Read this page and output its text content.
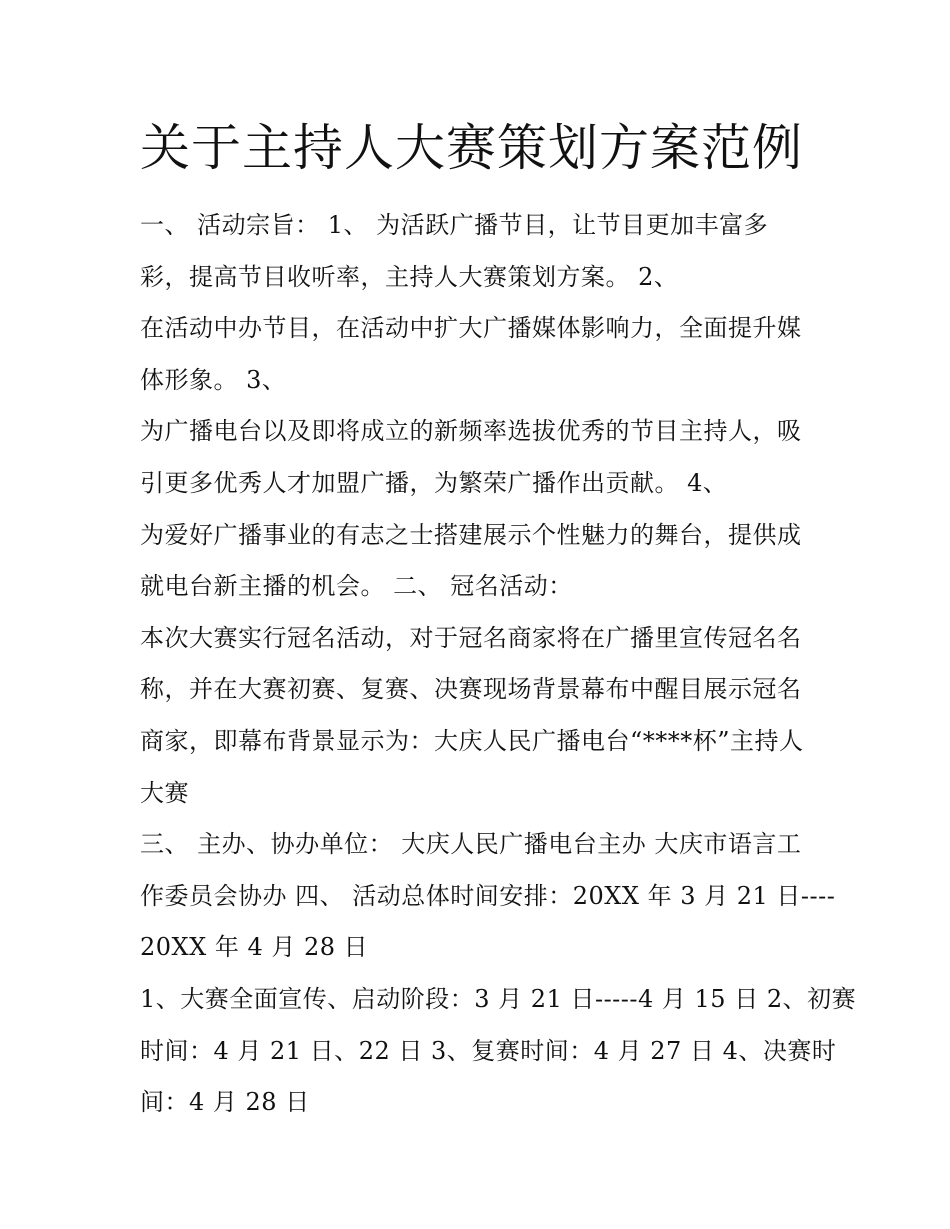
关于主持人大赛策划方案范例
一、 活动宗旨： 1、 为活跃广播节目，让节目更加丰富多
彩，提高节目收听率，主持人大赛策划方案。 2、
在活动中办节目，在活动中扩大广播媒体影响力，全面提升媒
体形象。 3、
为广播电台以及即将成立的新频率选拔优秀的节目主持人，吸
引更多优秀人才加盟广播，为繁荣广播作出贡献。 4、
为爱好广播事业的有志之士搭建展示个性魅力的舞台，提供成
就电台新主播的机会。 二、 冠名活动：
本次大赛实行冠名活动，对于冠名商家将在广播里宣传冠名名
称，并在大赛初赛、复赛、决赛现场背景幕布中醒目展示冠名
商家，即幕布背景显示为：大庆人民广播电台“****杯”主持人
大赛
三、 主办、协办单位： 大庆人民广播电台主办 大庆市语言工
作委员会协办 四、 活动总体时间安排：20XX 年 3 月 21 日----
20XX 年 4 月 28 日
1、大赛全面宣传、启动阶段：3 月 21 日-----4 月 15 日 2、初赛
时间：4 月 21 日、22 日 3、复赛时间：4 月 27 日 4、决赛时
间：4 月 28 日
